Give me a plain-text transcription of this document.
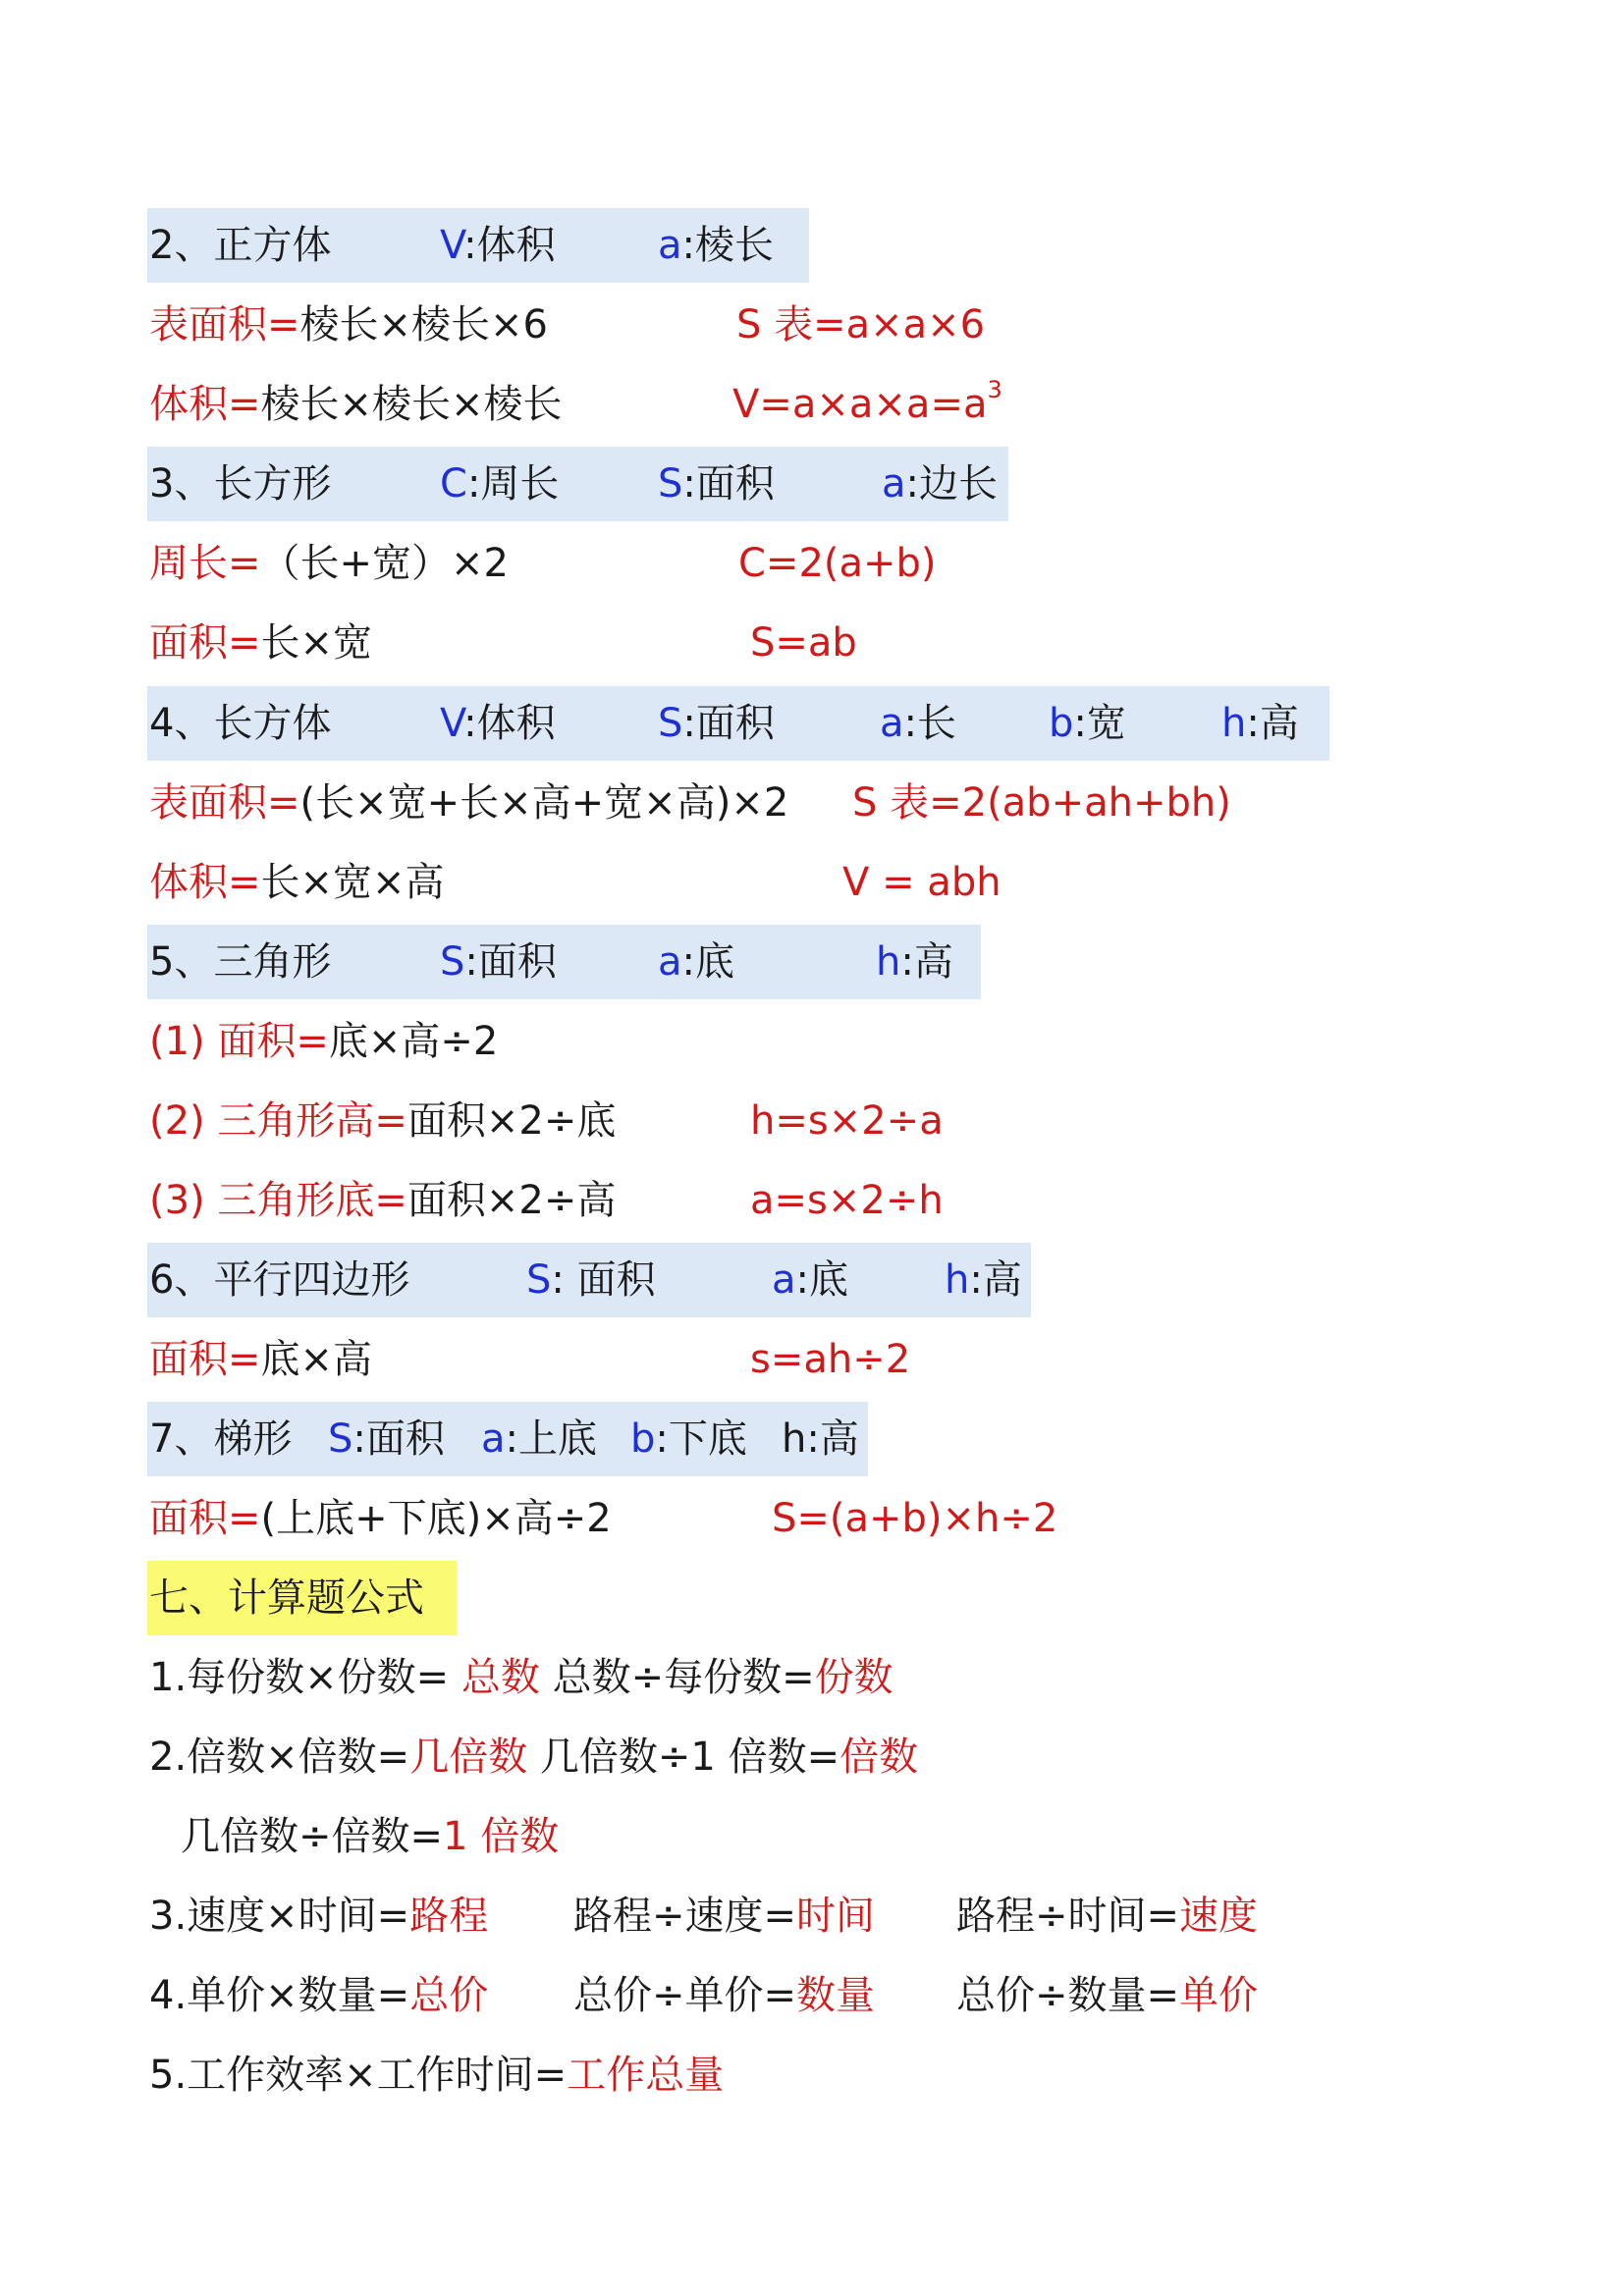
2、正方体	V:体积	a:棱长
表面积=棱长×棱长×6	S 表=a×a×6
体积=棱长×棱长×棱长	$V=a\times a\times a=a^3$
3、长方形	C:周长	S:面积	a:边长
周长=（长+宽）×2	C=2(a+b)
面积=长×宽	S=ab
4、长方体	V:体积	S:面积	a:长 b:宽 h:高
表面积=(长×宽+长×高+宽×高)×2 S 表=2(ab+ah+bh)
体积=长×宽×高	V = abh
5、三角形	S:面积	a:底	h:高
(1) 面积=底×高÷2
(2) 三角形高=面积×2÷底	h=s×2÷a
(3) 三角形底=面积×2÷高	a=s×2÷h
6、平行四边形	S: 面积	a:底 h:高
面积=底×高	s=ah÷2
7、梯形 S:面积 a:上底 b:下底 h:高
面积=(上底+下底)×高÷2	S=(a+b)×h÷2
七、计算题公式
1.每份数×份数= 总数 总数÷每份数=份数
2.倍数×倍数=几倍数 几倍数÷1 倍数=倍数
几倍数÷倍数=1 倍数
3.速度×时间=路程 路程÷速度=时间 路程÷时间=速度
4.单价×数量=总价 总价÷单价=数量 总价÷数量=单价
5.工作效率×工作时间=工作总量
